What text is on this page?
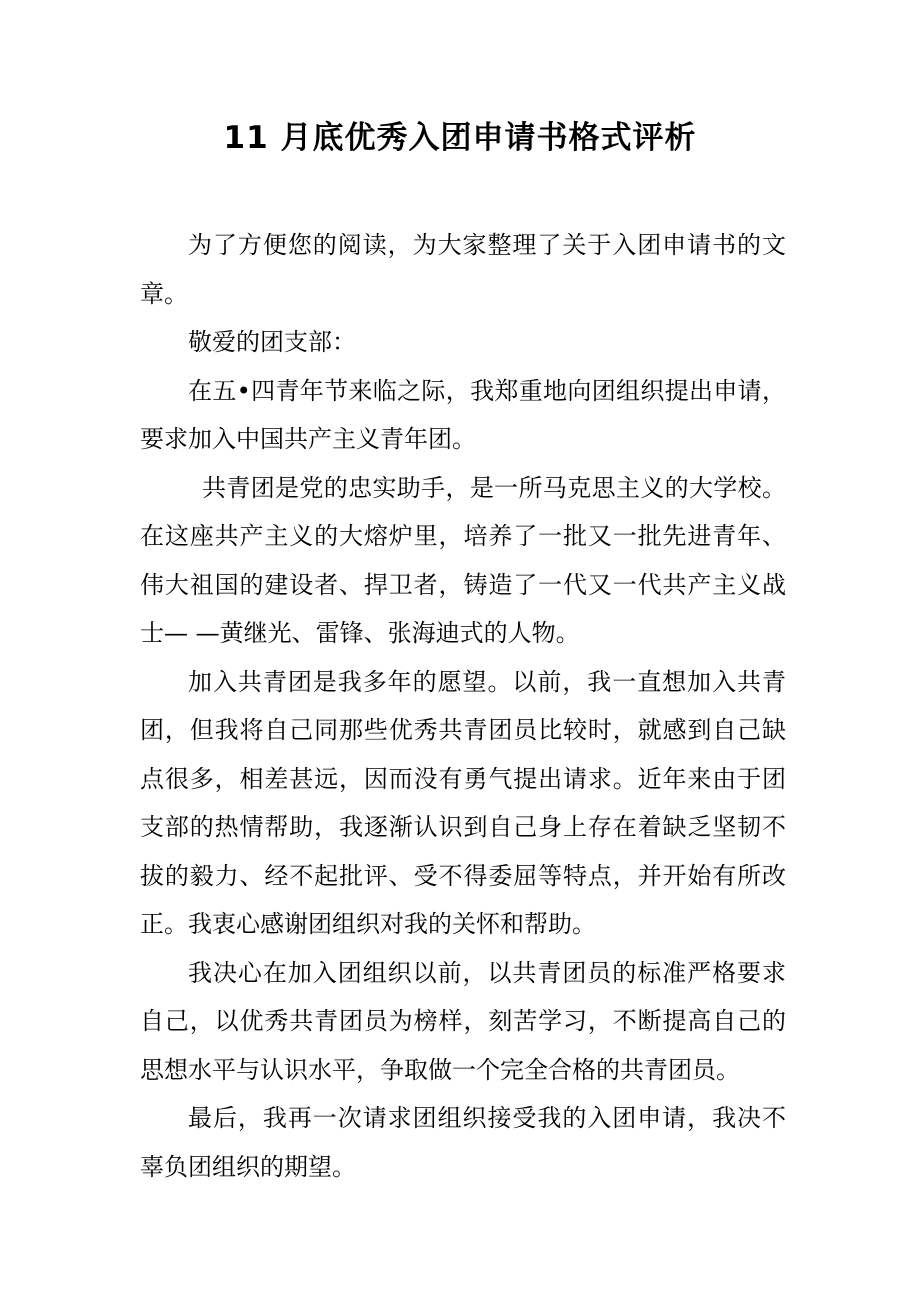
11 月底优秀入团申请书格式评析

为了方便您的阅读，为大家整理了关于入团申请书的文章。

敬爱的团支部：

在五•四青年节来临之际，我郑重地向团组织提出申请，要求加入中国共产主义青年团。

共青团是党的忠实助手，是一所马克思主义的大学校。在这座共产主义的大熔炉里，培养了一批又一批先进青年、伟大祖国的建设者、捍卫者，铸造了一代又一代共产主义战士— —黄继光、雷锋、张海迪式的人物。

加入共青团是我多年的愿望。以前，我一直想加入共青团，但我将自己同那些优秀共青团员比较时，就感到自己缺点很多，相差甚远，因而没有勇气提出请求。近年来由于团支部的热情帮助，我逐渐认识到自己身上存在着缺乏坚韧不拔的毅力、经不起批评、受不得委屈等特点，并开始有所改正。我衷心感谢团组织对我的关怀和帮助。

我决心在加入团组织以前，以共青团员的标准严格要求自己，以优秀共青团员为榜样，刻苦学习，不断提高自己的思想水平与认识水平，争取做一个完全合格的共青团员。

最后，我再一次请求团组织接受我的入团申请，我决不辜负团组织的期望。
